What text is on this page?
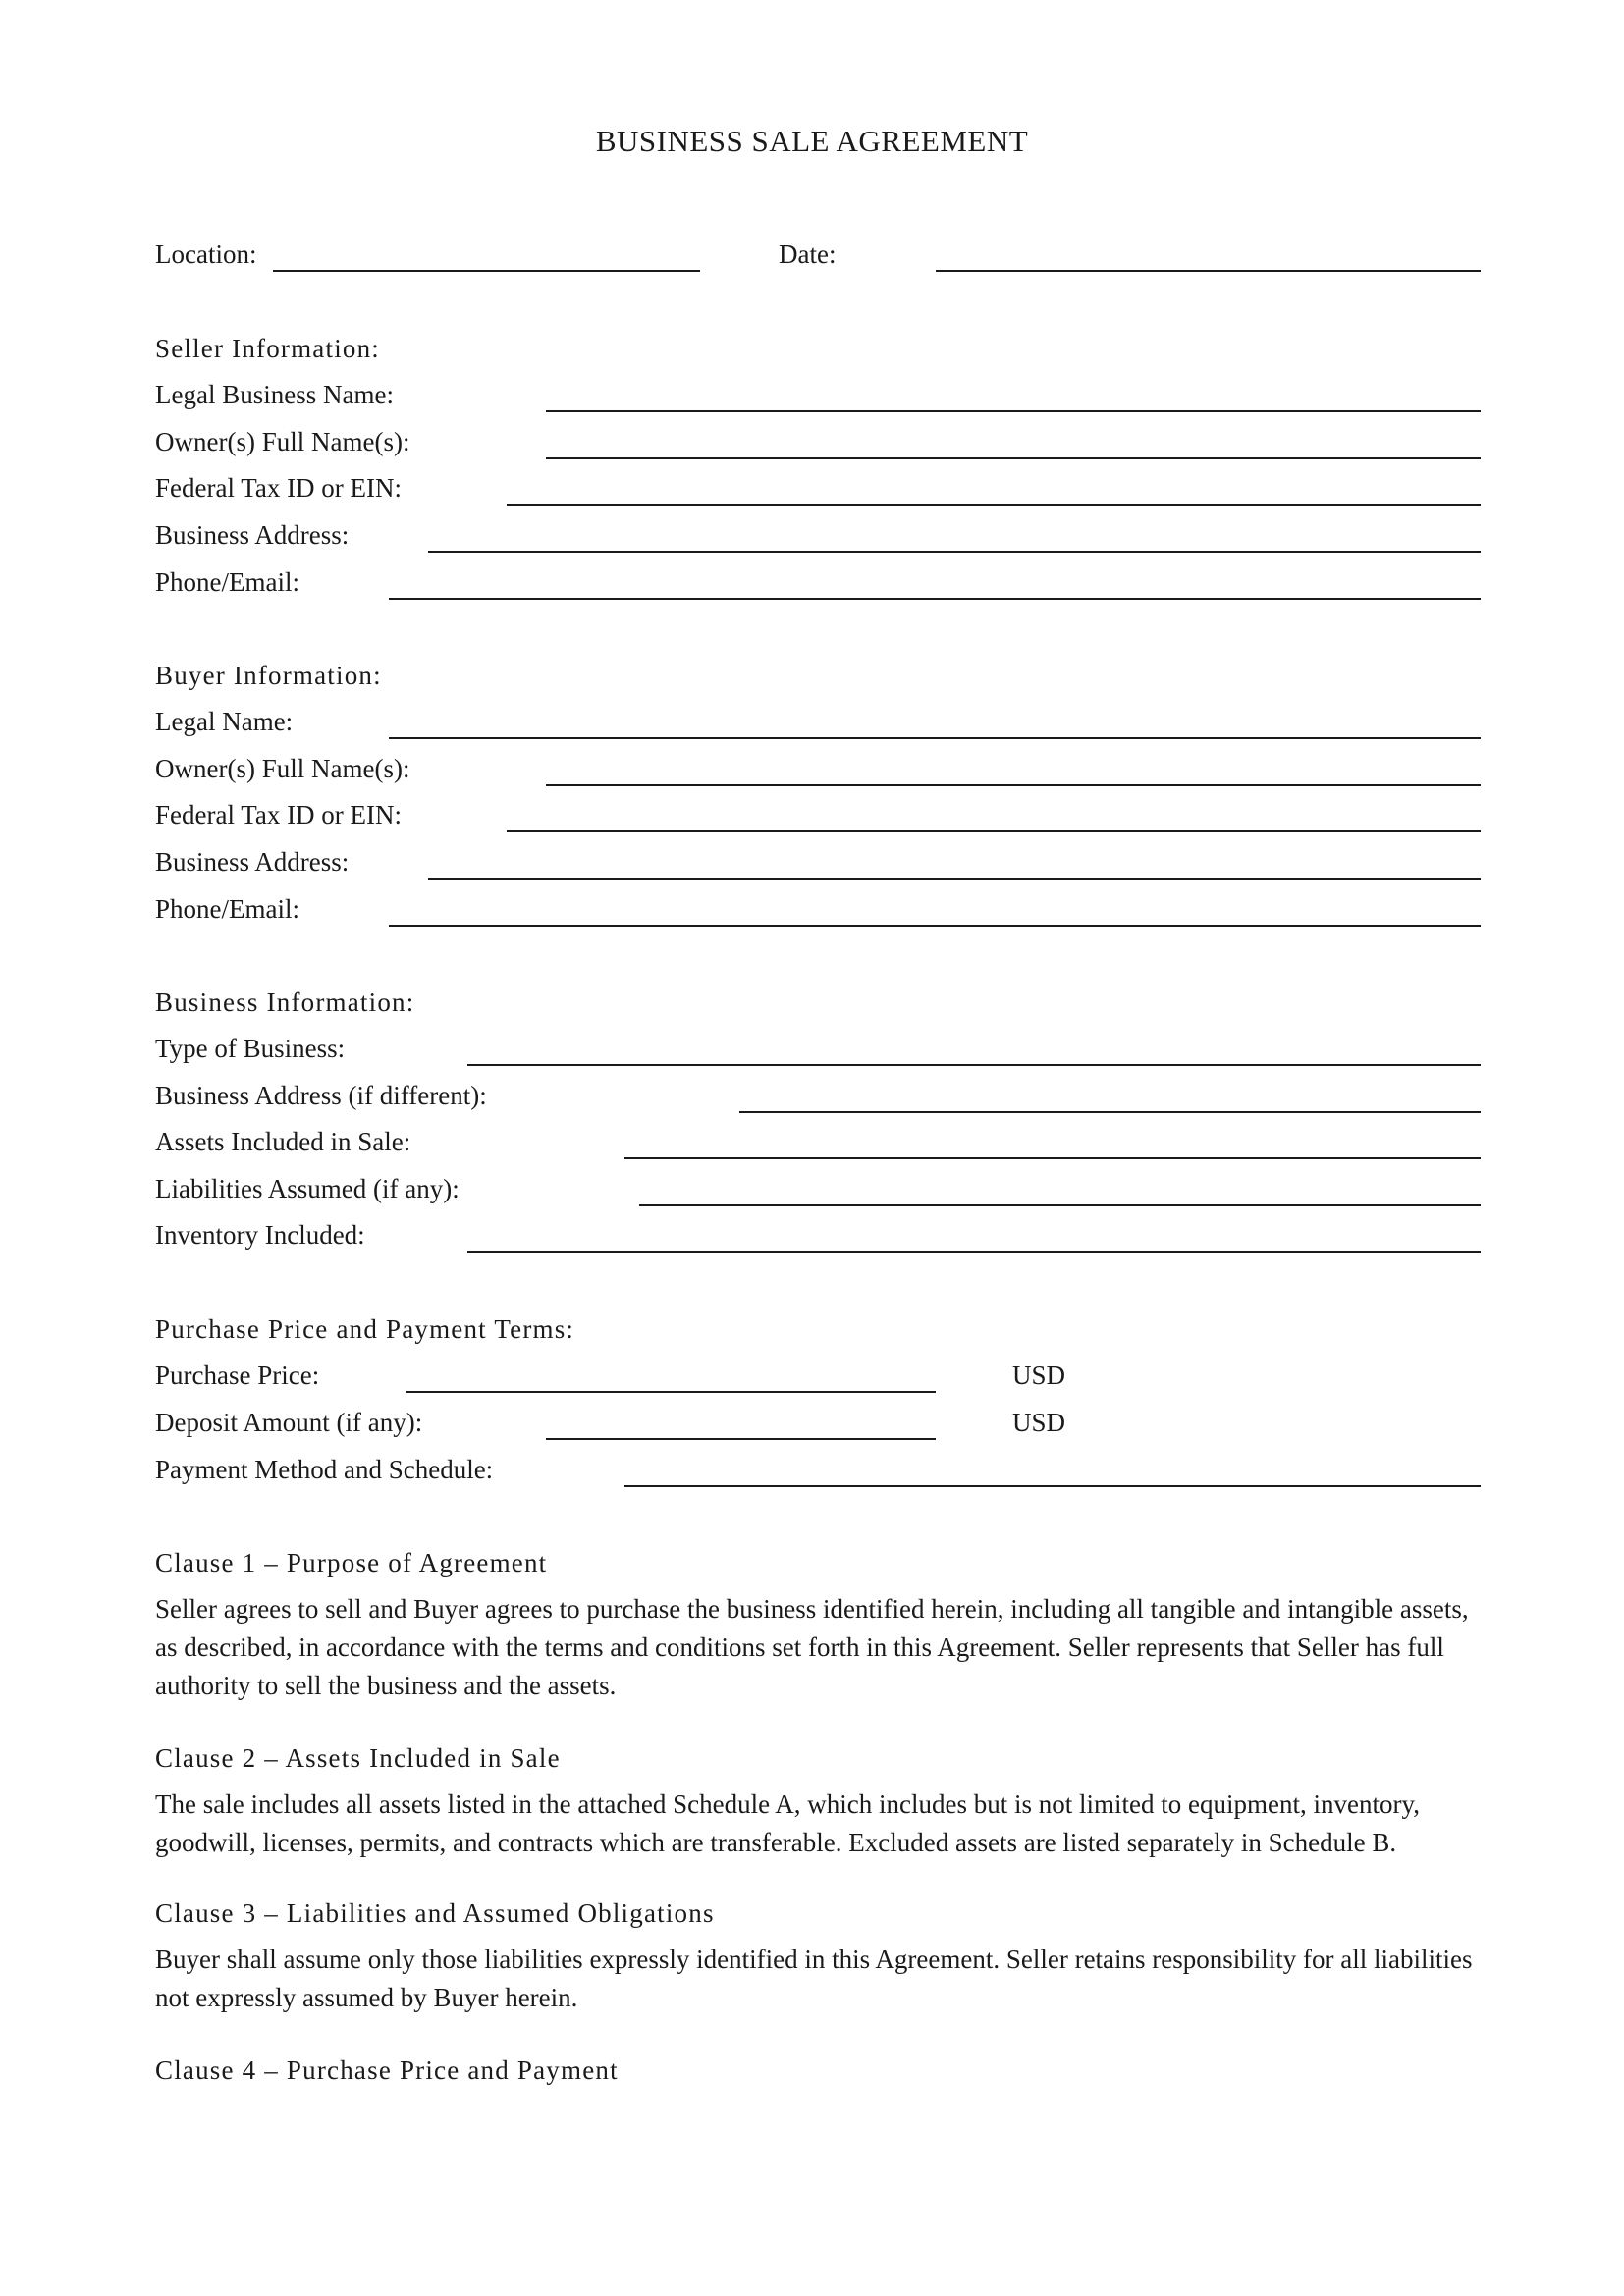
BUSINESS SALE AGREEMENT
Location:	Date:
Seller Information:
Legal Business Name:
Owner(s) Full Name(s):
Federal Tax ID or EIN:
Business Address:
Phone/Email:
Buyer Information:
Legal Name:
Owner(s) Full Name(s):
Federal Tax ID or EIN:
Business Address:
Phone/Email:
Business Information:
Type of Business:
Business Address (if different):
Assets Included in Sale:
Liabilities Assumed (if any):
Inventory Included:
Purchase Price and Payment Terms:
Purchase Price:	USD
Deposit Amount (if any):	USD
Payment Method and Schedule:
Clause 1 – Purpose of Agreement
Seller agrees to sell and Buyer agrees to purchase the business identified herein, including all tangible and intangible assets, as described, in accordance with the terms and conditions set forth in this Agreement. Seller represents that Seller has full authority to sell the business and the assets.
Clause 2 – Assets Included in Sale
The sale includes all assets listed in the attached Schedule A, which includes but is not limited to equipment, inventory, goodwill, licenses, permits, and contracts which are transferable. Excluded assets are listed separately in Schedule B.
Clause 3 – Liabilities and Assumed Obligations
Buyer shall assume only those liabilities expressly identified in this Agreement. Seller retains responsibility for all liabilities not expressly assumed by Buyer herein.
Clause 4 – Purchase Price and Payment
